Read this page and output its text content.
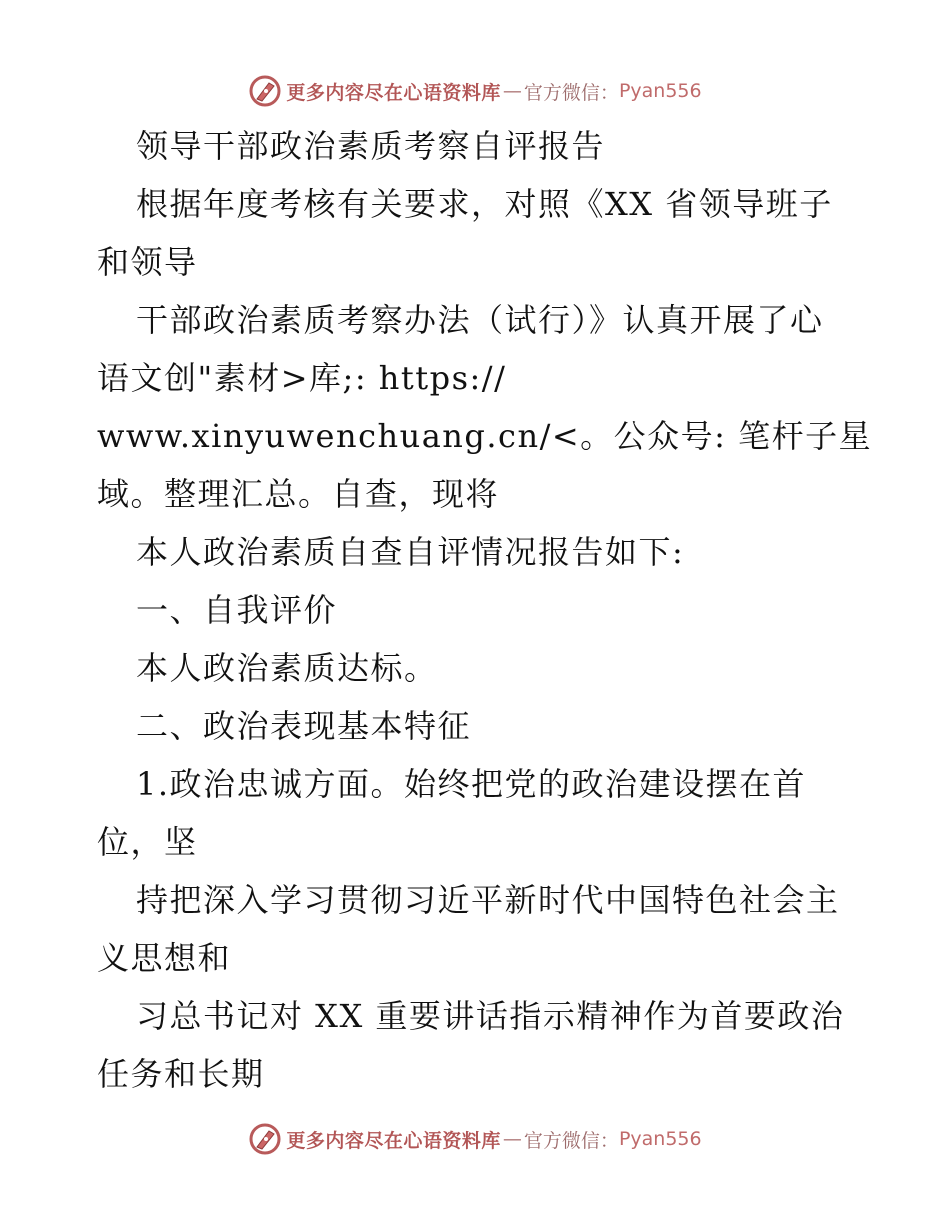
更多内容尽在心语资料库 — 官方微信： Pyan556

领导干部政治素质考察自评报告

根据年度考核有关要求，对照《XX 省领导班子

和领导

干部政治素质考察办法（试行）》认真开展了心

语文创"素材>库;: https://

www.xinyuwenchuang.cn/<。公众号: 笔杆子星

域。整理汇总。自查，现将

本人政治素质自查自评情况报告如下:

一、自我评价

本人政治素质达标。

二、政治表现基本特征

1.政治忠诚方面。始终把党的政治建设摆在首

位，坚

持把深入学习贯彻习近平新时代中国特色社会主

义思想和

习总书记对 XX 重要讲话指示精神作为首要政治

任务和长期

更多内容尽在心语资料库 — 官方微信： Pyan556
